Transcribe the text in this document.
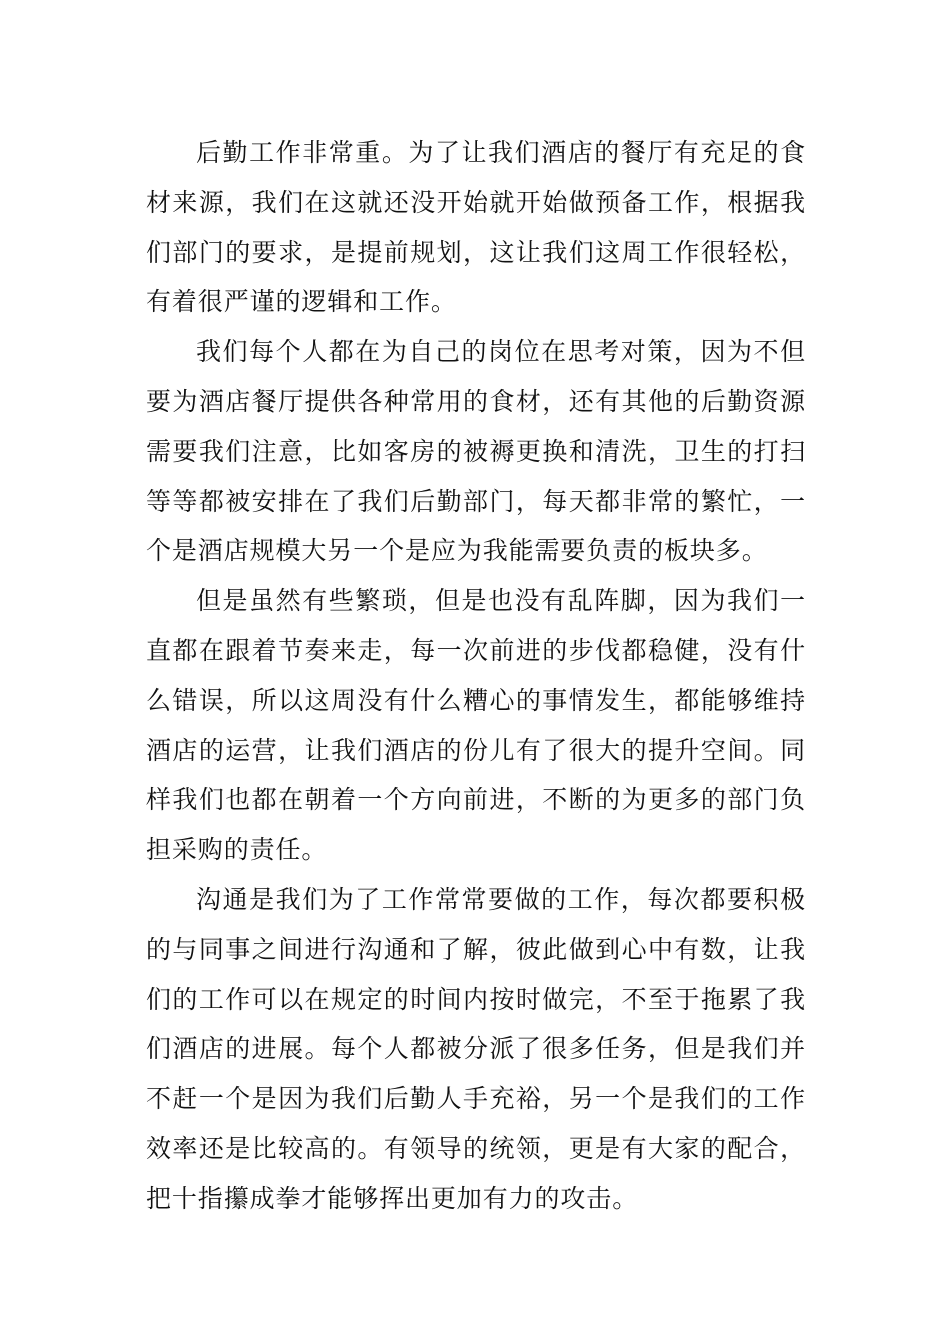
后勤工作非常重。为了让我们酒店的餐厅有充足的食材来源，我们在这就还没开始就开始做预备工作，根据我们部门的要求，是提前规划，这让我们这周工作很轻松，有着很严谨的逻辑和工作。

我们每个人都在为自己的岗位在思考对策，因为不但要为酒店餐厅提供各种常用的食材，还有其他的后勤资源需要我们注意，比如客房的被褥更换和清洗，卫生的打扫等等都被安排在了我们后勤部门，每天都非常的繁忙，一个是酒店规模大另一个是应为我能需要负责的板块多。

但是虽然有些繁琐，但是也没有乱阵脚，因为我们一直都在跟着节奏来走，每一次前进的步伐都稳健，没有什么错误，所以这周没有什么糟心的事情发生，都能够维持酒店的运营，让我们酒店的份儿有了很大的提升空间。同样我们也都在朝着一个方向前进，不断的为更多的部门负担采购的责任。

沟通是我们为了工作常常要做的工作，每次都要积极的与同事之间进行沟通和了解，彼此做到心中有数，让我们的工作可以在规定的时间内按时做完，不至于拖累了我们酒店的进展。每个人都被分派了很多任务，但是我们并不赶一个是因为我们后勤人手充裕，另一个是我们的工作效率还是比较高的。有领导的统领，更是有大家的配合，把十指攥成拳才能够挥出更加有力的攻击。
